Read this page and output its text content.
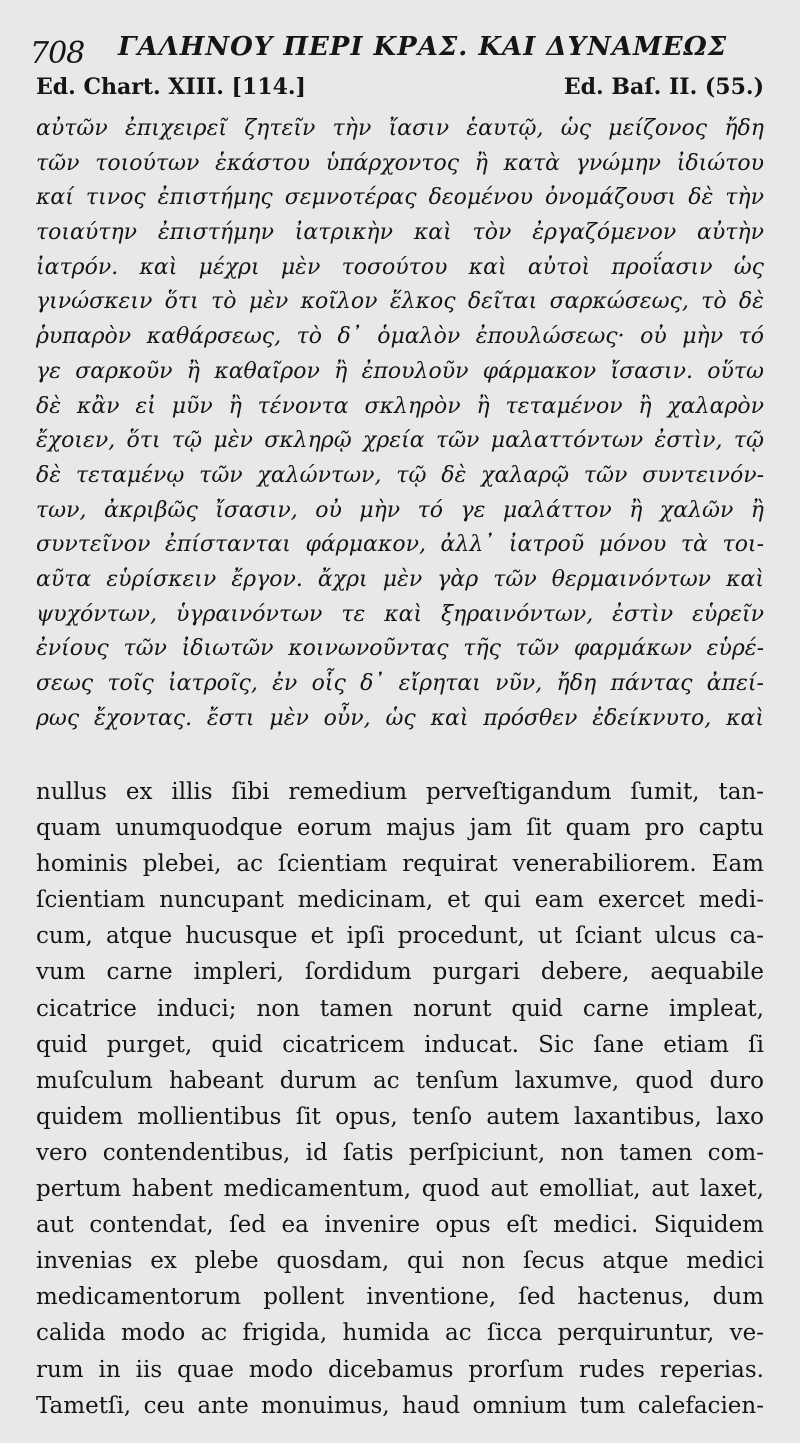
708 ΓΑΛΗΝΟΥ ΠΕΡΙ ΚΡΑΣ. ΚΑΙ ΔΥΝΑΜΕΩΣ
Ed. Chart. XIII. [114.]	Ed. Baſ. II. (55.)
αὐτῶν ἐπιχειρεῖ ζητεῖν τὴν ἴασιν ἑαυτῷ, ὡς μείζονος ἤδη
τῶν τοιούτων ἑκάστου ὑπάρχοντος ἢ κατὰ γνώμην ἰδιώτου
καί τινος ἐπιστήμης σεμνοτέρας δεομένου ὀνομάζουσι δὲ τὴν
τοιαύτην ἐπιστήμην ἰατρικὴν καὶ τὸν ἐργαζόμενον αὐτὴν
ἰατρόν. καὶ μέχρι μὲν τοσούτου καὶ αὐτοὶ προΐασιν ὡς
γινώσκειν ὅτι τὸ μὲν κοῖλον ἕλκος δεῖται σαρκώσεως, τὸ δὲ
ῥυπαρὸν καθάρσεως, τὸ δ᾽ ὁμαλὸν ἐπουλώσεως· οὐ μὴν τό
γε σαρκοῦν ἢ καθαῖρον ἢ ἐπουλοῦν φάρμακον ἴσασιν. οὕτω
δὲ κἂν εἰ μῦν ἢ τένοντα σκληρὸν ἢ τεταμένον ἢ χαλαρὸν
ἔχοιεν, ὅτι τῷ μὲν σκληρῷ χρεία τῶν μαλαττόντων ἐστὶν, τῷ
δὲ τεταμένῳ τῶν χαλώντων, τῷ δὲ χαλαρῷ τῶν συντεινόν-
των, ἀκριβῶς ἴσασιν, οὐ μὴν τό γε μαλάττον ἢ χαλῶν ἢ
συντεῖνον ἐπίστανται φάρμακον, ἀλλ᾽ ἰατροῦ μόνου τὰ τοι-
αῦτα εὑρίσκειν ἔργον. ἄχρι μὲν γὰρ τῶν θερμαινόντων καὶ
ψυχόντων, ὑγραινόντων τε καὶ ξηραινόντων, ἐστὶν εὑρεῖν
ἐνίους τῶν ἰδιωτῶν κοινωνοῦντας τῆς τῶν φαρμάκων εὑρέ-
σεως τοῖς ἰατροῖς, ἐν οἷς δ᾽ εἴρηται νῦν, ἤδη πάντας ἀπεί-
ρως ἔχοντας. ἔστι μὲν οὖν, ὡς καὶ πρόσθεν ἐδείκνυτο, καὶ
nullus ex illis ſibi remedium perveſtigandum ſumit, tan-
quam unumquodque eorum majus jam ſit quam pro captu
hominis plebei, ac ſcientiam requirat venerabiliorem. Eam
ſcientiam nuncupant medicinam, et qui eam exercet medi-
cum, atque hucusque et ipſi procedunt, ut ſciant ulcus ca-
vum carne impleri, ſordidum purgari debere, aequabile
cicatrice induci; non tamen norunt quid carne impleat,
quid purget, quid cicatricem inducat. Sic ſane etiam ſi
muſculum habeant durum ac tenſum laxumve, quod duro
quidem mollientibus ſit opus, tenſo autem laxantibus, laxo
vero contendentibus, id ſatis perſpiciunt, non tamen com-
pertum habent medicamentum, quod aut emolliat, aut laxet,
aut contendat, ſed ea invenire opus eſt medici. Siquidem
invenias ex plebe quosdam, qui non ſecus atque medici
medicamentorum pollent inventione, ſed hactenus, dum
calida modo ac frigida, humida ac ſicca perquiruntur, ve-
rum in iis quae modo dicebamus prorſum rudes reperias.
Tametſi, ceu ante monuimus, haud omnium tum calefacien-
